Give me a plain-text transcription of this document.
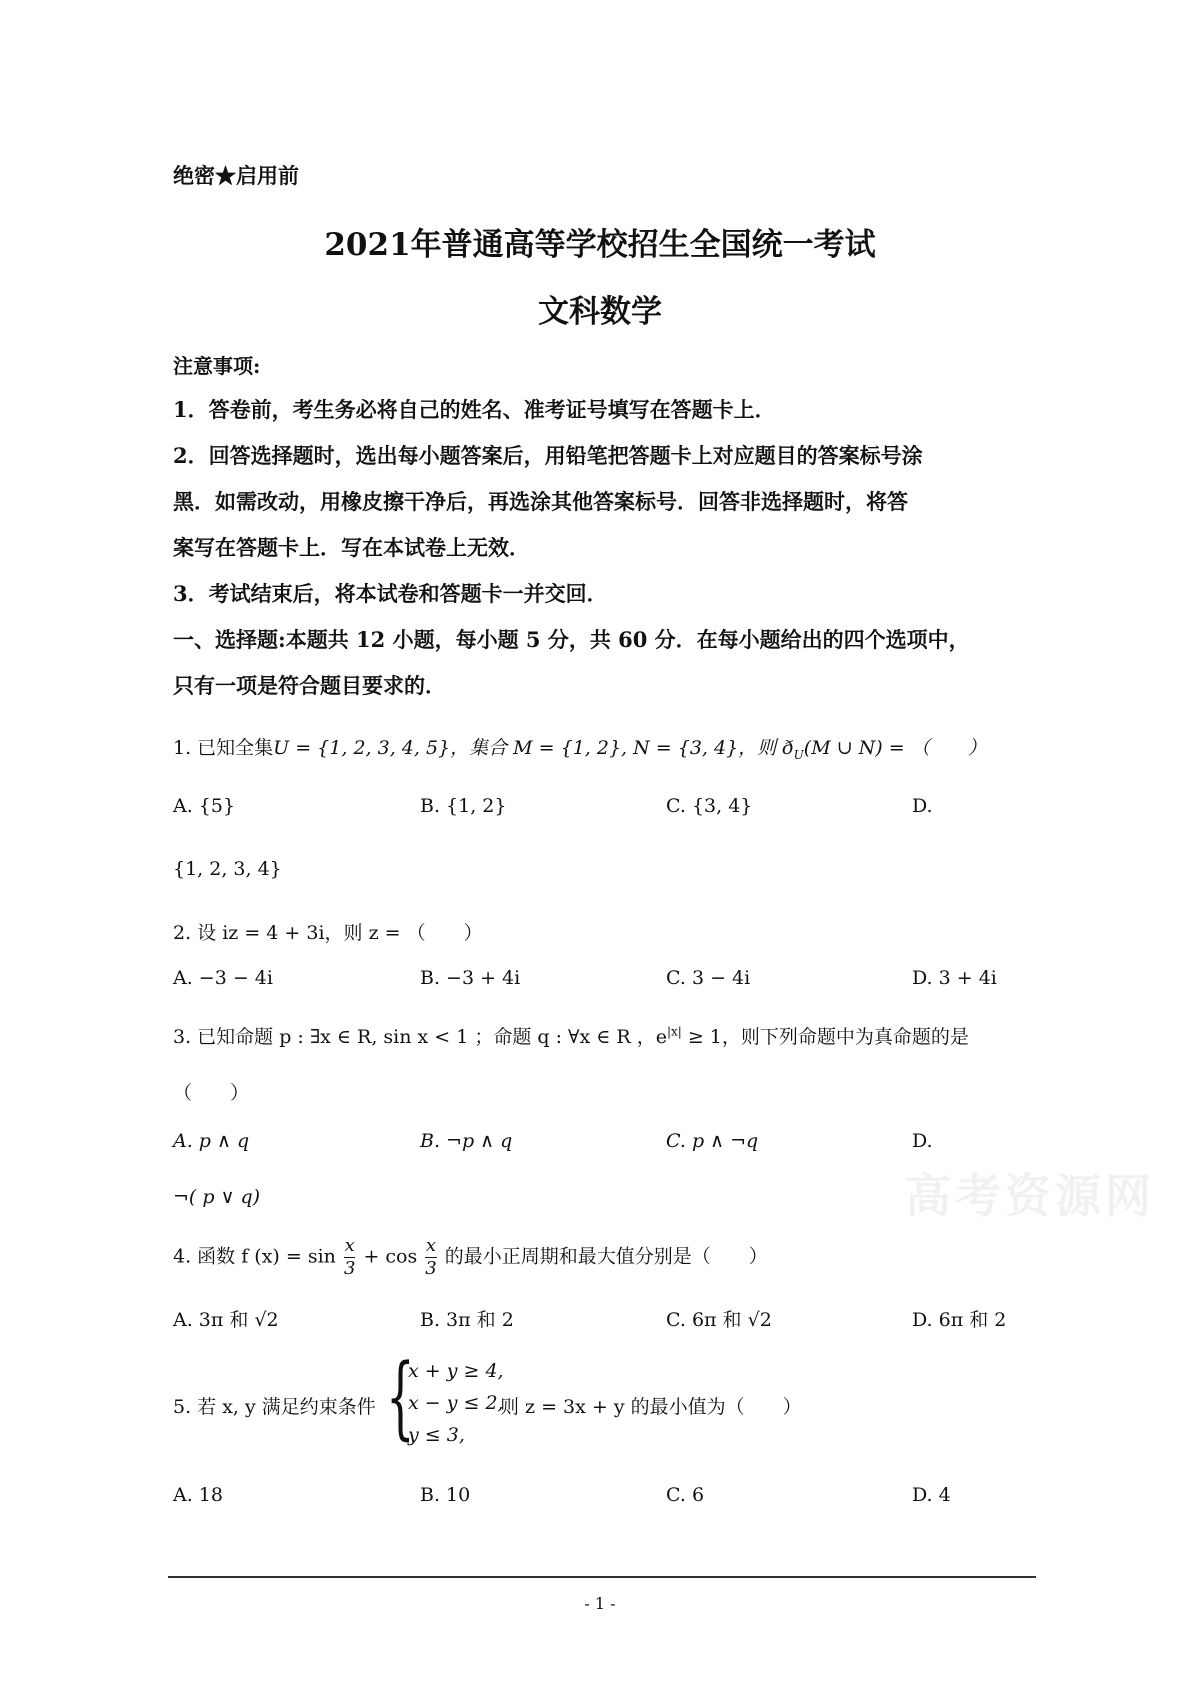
绝密★启用前
2021年普通高等学校招生全国统一考试
文科数学
注意事项:
1．答卷前，考生务必将自己的姓名、准考证号填写在答题卡上．
2．回答选择题时，选出每小题答案后，用铅笔把答题卡上对应题目的答案标号涂
黑．如需改动，用橡皮擦干净后，再选涂其他答案标号．回答非选择题时，将答
案写在答题卡上．写在本试卷上无效．
3．考试结束后，将本试卷和答题卡一并交回．
一、选择题:本题共 12 小题，每小题 5 分，共 60 分．在每小题给出的四个选项中，
只有一项是符合题目要求的．
1. 已知全集U = {1, 2, 3, 4, 5}，集合 M = {1, 2}, N = {3, 4}，则 $ð_U(M$ ∪ N) = （　　）
A. {5}	B. {1, 2}	C. {3, 4}	D.
{1, 2, 3, 4}
2. 设 iz = 4 + 3i，则 z = （　　）
A. −3 − 4i	B. −3 + 4i	C. 3 − 4i	D. 3 + 4i
3. 已知命题 p : ∃x ∈ R, sin x < 1 ；命题 q : ∀x ∈ R ，$e^{|x|} \ge 1$，则下列命题中为真命题的是
（　　）
A. p ∧ q	B. ¬p ∧ q	C. p ∧ ¬q	D.
¬( p ∨ q)
4. 函数 f $(x) = \sin \frac{x}{3} + \cos \frac{x}{3}$ 的最小正周期和最大值分别是（　　）
A. 3π 和 √2	B. 3π 和 2	C. 6π 和 √2	D. 6π 和 2
5. 若 x, y 满足约束条件 {
x + y ≥ 4,
x − y ≤ 2,
y ≤ 3,
则 z = 3x + y 的最小值为（　　）
A. 18	B. 10	C. 6	D. 4
高考资源网
- 1 -
